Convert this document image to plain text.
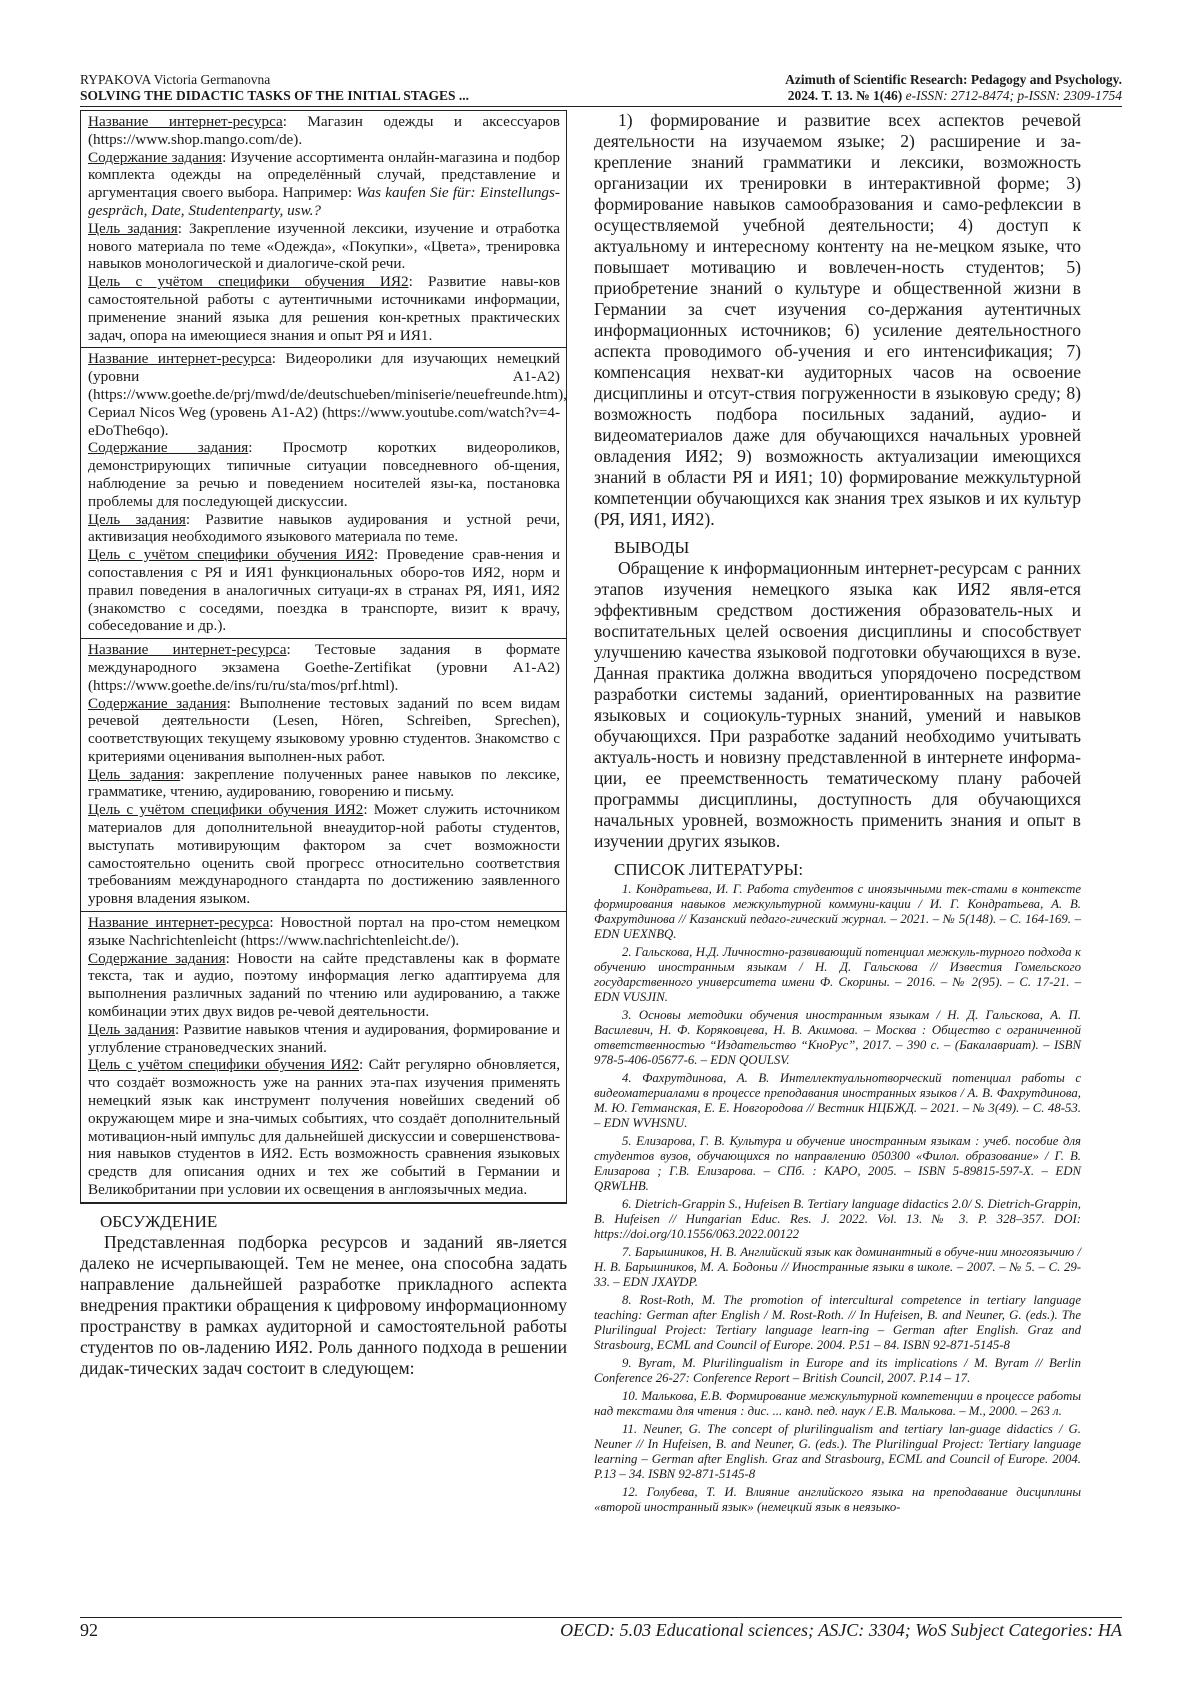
RYPAKOVA Victoria Germanovna
SOLVING THE DIDACTIC TASKS OF THE INITIAL STAGES ...
Azimuth of Scientific Research: Pedagogy and Psychology.
2024. Т. 13. № 1(46) e-ISSN: 2712-8474; p-ISSN: 2309-1754

Название интернет-ресурса: Магазин одежды и аксессуаров (https://www.shop.mango.com/de).

Содержание задания: Изучение ассортимента онлайн-магазина и подбор комплекта одежды на определённый случай, представление и аргументация своего выбора. Например: Was kaufen Sie für: Einstellungs-gespräch, Date, Studentenparty, usw.?

Цель задания: Закрепление изученной лексики, изучение и отработка нового материала по теме «Одежда», «Покупки», «Цвета», тренировка навыков монологической и диалогиче-ской речи.

Цель с учётом специфики обучения ИЯ2: Развитие навы-ков самостоятельной работы с аутентичными источниками информации, применение знаний языка для решения кон-кретных практических задач, опора на имеющиеся знания и опыт РЯ и ИЯ1.

Название интернет-ресурса: Видеоролики для изучающих немецкий (уровни А1-А2) (https://www.goethe.de/prj/mwd/de/deutschueben/miniserie/neuefreunde.htm), Сериал Nicos Weg (уровень А1-А2) (https://www.youtube.com/watch?v=4-eDoThe6qo).

Содержание задания: Просмотр коротких видеороликов, демонстрирующих типичные ситуации повседневного об-щения, наблюдение за речью и поведением носителей язы-ка, постановка проблемы для последующей дискуссии.

Цель задания: Развитие навыков аудирования и устной речи, активизация необходимого языкового материала по теме.

Цель с учётом специфики обучения ИЯ2: Проведение срав-нения и сопоставления с РЯ и ИЯ1 функциональных оборо-тов ИЯ2, норм и правил поведения в аналогичных ситуаци-ях в странах РЯ, ИЯ1, ИЯ2 (знакомство с соседями, поездка в транспорте, визит к врачу, собеседование и др.).

Название интернет-ресурса: Тестовые задания в формате международного экзамена Goethe-Zertifikat (уровни А1-А2) (https://www.goethe.de/ins/ru/ru/sta/mos/prf.html).

Содержание задания: Выполнение тестовых заданий по всем видам речевой деятельности (Lesen, Hören, Schreiben, Sprechen), соответствующих текущему языковому уровню студентов. Знакомство с критериями оценивания выполнен-ных работ.

Цель задания: закрепление полученных ранее навыков по лексике, грамматике, чтению, аудированию, говорению и письму.

Цель с учётом специфики обучения ИЯ2: Может служить источником материалов для дополнительной внеаудитор-ной работы студентов, выступать мотивирующим фактором за счет возможности самостоятельно оценить свой прогресс относительно соответствия требованиям международного стандарта по достижению заявленного уровня владения языком.

Название интернет-ресурса: Новостной портал на про-стом немецком языке Nachrichtenleicht (https://www.nachrichtenleicht.de/).

Содержание задания: Новости на сайте представлены как в формате текста, так и аудио, поэтому информация легко адаптируема для выполнения различных заданий по чтению или аудированию, а также комбинации этих двух видов ре-чевой деятельности.

Цель задания: Развитие навыков чтения и аудирования, формирование и углубление страноведческих знаний.

Цель с учётом специфики обучения ИЯ2: Сайт регулярно обновляется, что создаёт возможность уже на ранних эта-пах изучения применять немецкий язык как инструмент получения новейших сведений об окружающем мире и зна-чимых событиях, что создаёт дополнительный мотивацион-ный импульс для дальнейшей дискуссии и совершенствова-ния навыков студентов в ИЯ2. Есть возможность сравнения языковых средств для описания одних и тех же событий в Германии и Великобритании при условии их освещения в англоязычных медиа.

ОБСУЖДЕНИЕ

Представленная подборка ресурсов и заданий яв-ляется далеко не исчерпывающей. Тем не менее, она способна задать направление дальнейшей разработке прикладного аспекта внедрения практики обращения к цифровому информационному пространству в рамках аудиторной и самостоятельной работы студентов по ов-ладению ИЯ2. Роль данного подхода в решении дидак-тических задач состоит в следующем:

1) формирование и развитие всех аспектов речевой деятельности на изучаемом языке; 2) расширение и за-крепление знаний грамматики и лексики, возможность организации их тренировки в интерактивной форме; 3) формирование навыков самообразования и само-рефлексии в осуществляемой учебной деятельности; 4) доступ к актуальному и интересному контенту на не-мецком языке, что повышает мотивацию и вовлечен-ность студентов; 5) приобретение знаний о культуре и общественной жизни в Германии за счет изучения со-держания аутентичных информационных источников; 6) усиление деятельностного аспекта проводимого об-учения и его интенсификация; 7) компенсация нехват-ки аудиторных часов на освоение дисциплины и отсут-ствия погруженности в языковую среду; 8) возможность подбора посильных заданий, аудио- и видеоматериалов даже для обучающихся начальных уровней овладения ИЯ2; 9) возможность актуализации имеющихся знаний в области РЯ и ИЯ1; 10) формирование межкультурной компетенции обучающихся как знания трех языков и их культур (РЯ, ИЯ1, ИЯ2).

ВЫВОДЫ

Обращение к информационным интернет-ресурсам с ранних этапов изучения немецкого языка как ИЯ2 явля-ется эффективным средством достижения образователь-ных и воспитательных целей освоения дисциплины и способствует улучшению качества языковой подготовки обучающихся в вузе. Данная практика должна вводиться упорядочено посредством разработки системы заданий, ориентированных на развитие языковых и социокуль-турных знаний, умений и навыков обучающихся. При разработке заданий необходимо учитывать актуаль-ность и новизну представленной в интернете информа-ции, ее преемственность тематическому плану рабочей программы дисциплины, доступность для обучающихся начальных уровней, возможность применить знания и опыт в изучении других языков.

СПИСОК ЛИТЕРАТУРЫ:

1. Кондратьева, И. Г. Работа студентов с иноязычными тек-стами в контексте формирования навыков межкультурной коммуни-кации / И. Г. Кондратьева, А. В. Фахрутдинова // Казанский педаго-гический журнал. – 2021. – № 5(148). – С. 164-169. – EDN UEXNBQ.

2. Гальскова, Н.Д. Личностно-развивающий потенциал межкуль-турного подхода к обучению иностранным языкам / Н. Д. Гальскова // Известия Гомельского государственного университета имени Ф. Скорины. – 2016. – № 2(95). – С. 17-21. – EDN VUSJIN.

3. Основы методики обучения иностранным языкам / Н. Д. Гальскова, А. П. Василевич, Н. Ф. Коряковцева, Н. В. Акимова. – Москва : Общество с ограниченной ответственностью “Издательство “КноРус”, 2017. – 390 с. – (Бакалавриат). – ISBN 978-5-406-05677-6. – EDN QOULSV.

4. Фахрутдинова, А. В. Интеллектуальнотворческий потенциал работы с видеоматериалами в процессе преподавания иностранных языков / А. В. Фахрутдинова, М. Ю. Гетманская, Е. Е. Новгородова // Вестник НЦБЖД. – 2021. – № 3(49). – С. 48-53. – EDN WVHSNU.

5. Елизарова, Г. В. Культура и обучение иностранным языкам : учеб. пособие для студентов вузов, обучающихся по направлению 050300 «Филол. образование» / Г. В. Елизарова ; Г.В. Елизарова. – СПб. : КАРО, 2005. – ISBN 5-89815-597-X. – EDN QRWLHB.

6. Dietrich-Grappin S., Hufeisen B. Tertiary language didactics 2.0/ S. Dietrich-Grappin, B. Hufeisen // Hungarian Educ. Res. J. 2022. Vol. 13. № 3. P. 328–357. DOI: https://doi.org/10.1556/063.2022.00122

7. Барышников, Н. В. Английский язык как доминантный в обуче-нии многоязычию / Н. В. Барышников, М. А. Бодоньи // Иностранные языки в школе. – 2007. – № 5. – С. 29-33. – EDN JXAYDP.

8. Rost-Roth, M. The promotion of intercultural competence in tertiary language teaching: German after English / M. Rost-Roth. // In Hufeisen, B. and Neuner, G. (eds.). The Plurilingual Project: Tertiary language learn-ing – German after English. Graz and Strasbourg, ECML and Council of Europe. 2004. P.51 – 84. ISBN 92-871-5145-8

9. Byram, M. Plurilingualism in Europe and its implications / M. Byram // Berlin Conference 26-27: Conference Report – British Council, 2007. P.14 – 17.

10. Малькова, Е.В. Формирование межкультурной компетенции в процессе работы над текстами для чтения : дис. ... канд. пед. наук / Е.В. Малькова. – М., 2000. – 263 л.

11. Neuner, G. The concept of plurilingualism and tertiary lan-guage didactics / G. Neuner // In Hufeisen, B. and Neuner, G. (eds.). The Plurilingual Project: Tertiary language learning – German after English. Graz and Strasbourg, ECML and Council of Europe. 2004. P.13 – 34. ISBN 92-871-5145-8

12. Голубева, Т. И. Влияние английского языка на преподавание дисциплины «второй иностранный язык» (немецкий язык в неязыко-

92	OECD: 5.03 Educational sciences; ASJC: 3304; WoS Subject Categories: HA
